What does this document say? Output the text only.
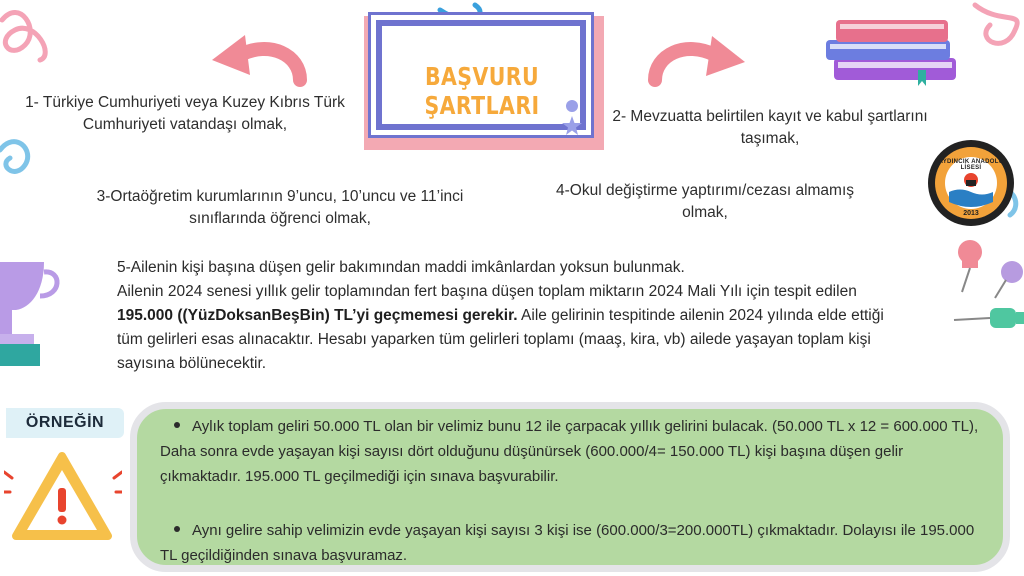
BAŞVURU ŞARTLARI
1- Türkiye Cumhuriyeti veya Kuzey Kıbrıs Türk Cumhuriyeti vatandaşı olmak,	2- Mevzuatta belirtilen kayıt ve kabul şartlarını taşımak,
3-Ortaöğretim kurumlarının 9’uncu, 10’uncu ve 11’inci sınıflarında öğrenci olmak,
4-Okul değiştirme yaptırımı/cezası almamış olmak,
5-Ailenin kişi başına düşen gelir bakımından maddi imkânlardan yoksun bulunmak.
Ailenin 2024 senesi yıllık gelir toplamından fert başına düşen toplam miktarın 2024 Mali Yılı için tespit edilen 195.000 ((YüzDoksanBeşBin) TL’yi geçmemesi gerekir. Aile gelirinin tespitinde ailenin 2024 yılında elde ettiği tüm gelirleri esas alınacaktır. Hesabı yaparken tüm gelirleri toplamı (maaş, kira, vb) ailede yaşayan toplam kişi sayısına bölünecektir.
AYDINCIK ANADOLU LİSESİ
2013
ÖRNEĞİN	Aylık toplam geliri 50.000 TL olan bir velimiz bunu 12 ile çarpacak yıllık gelirini bulacak. (50.000 TL x 12 = 600.000 TL), Daha sonra evde yaşayan kişi sayısı dört olduğunu düşünürsek (600.000/4= 150.000 TL) kişi başına düşen gelir çıkmaktadır. 195.000 TL geçilmediği için sınava başvurabilir.
Aynı gelire sahip velimizin evde yaşayan kişi sayısı 3 kişi ise (600.000/3=200.000TL) çıkmaktadır. Dolayısı ile 195.000 TL geçildiğinden sınava başvuramaz.
